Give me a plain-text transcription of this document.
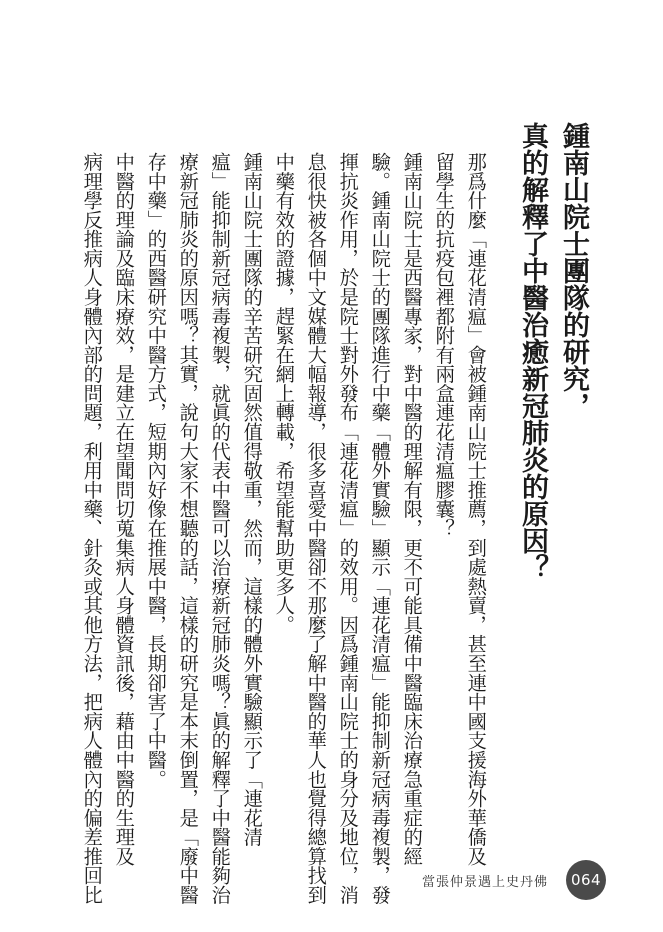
鍾南山院士團隊的研究，
真的解釋了中醫治癒新冠肺炎的原因？
那爲什麼「連花清瘟」會被鍾南山院士推薦，到處熱賣，甚至連中國支援海外華僑及
留學生的抗疫包裡都附有兩盒連花清瘟膠囊？
鍾南山院士是西醫專家，對中醫的理解有限，更不可能具備中醫臨床治療急重症的經
驗。鍾南山院士的團隊進行中藥「體外實驗」顯示「連花清瘟」能抑制新冠病毒複製，發
揮抗炎作用，於是院士對外發布「連花清瘟」的效用。因爲鍾南山院士的身分及地位，消
息很快被各個中文媒體大幅報導，很多喜愛中醫卻不那麼了解中醫的華人也覺得總算找到
中藥有效的證據，趕緊在網上轉載，希望能幫助更多人。
鍾南山院士團隊的辛苦研究固然值得敬重，然而，這樣的體外實驗顯示了「連花清
瘟」能抑制新冠病毒複製，就眞的代表中醫可以治療新冠肺炎嗎？眞的解釋了中醫能夠治
療新冠肺炎的原因嗎？其實，說句大家不想聽的話，這樣的研究是本末倒置，是「廢中醫
存中藥」的西醫研究中醫方式，短期內好像在推展中醫，長期卻害了中醫。
中醫的理論及臨床療效，是建立在望聞問切蒐集病人身體資訊後，藉由中醫的生理及
病理學反推病人身體內部的問題，利用中藥、針灸或其他方法，把病人體內的偏差推回比	當張仲景遇上史丹佛	064
